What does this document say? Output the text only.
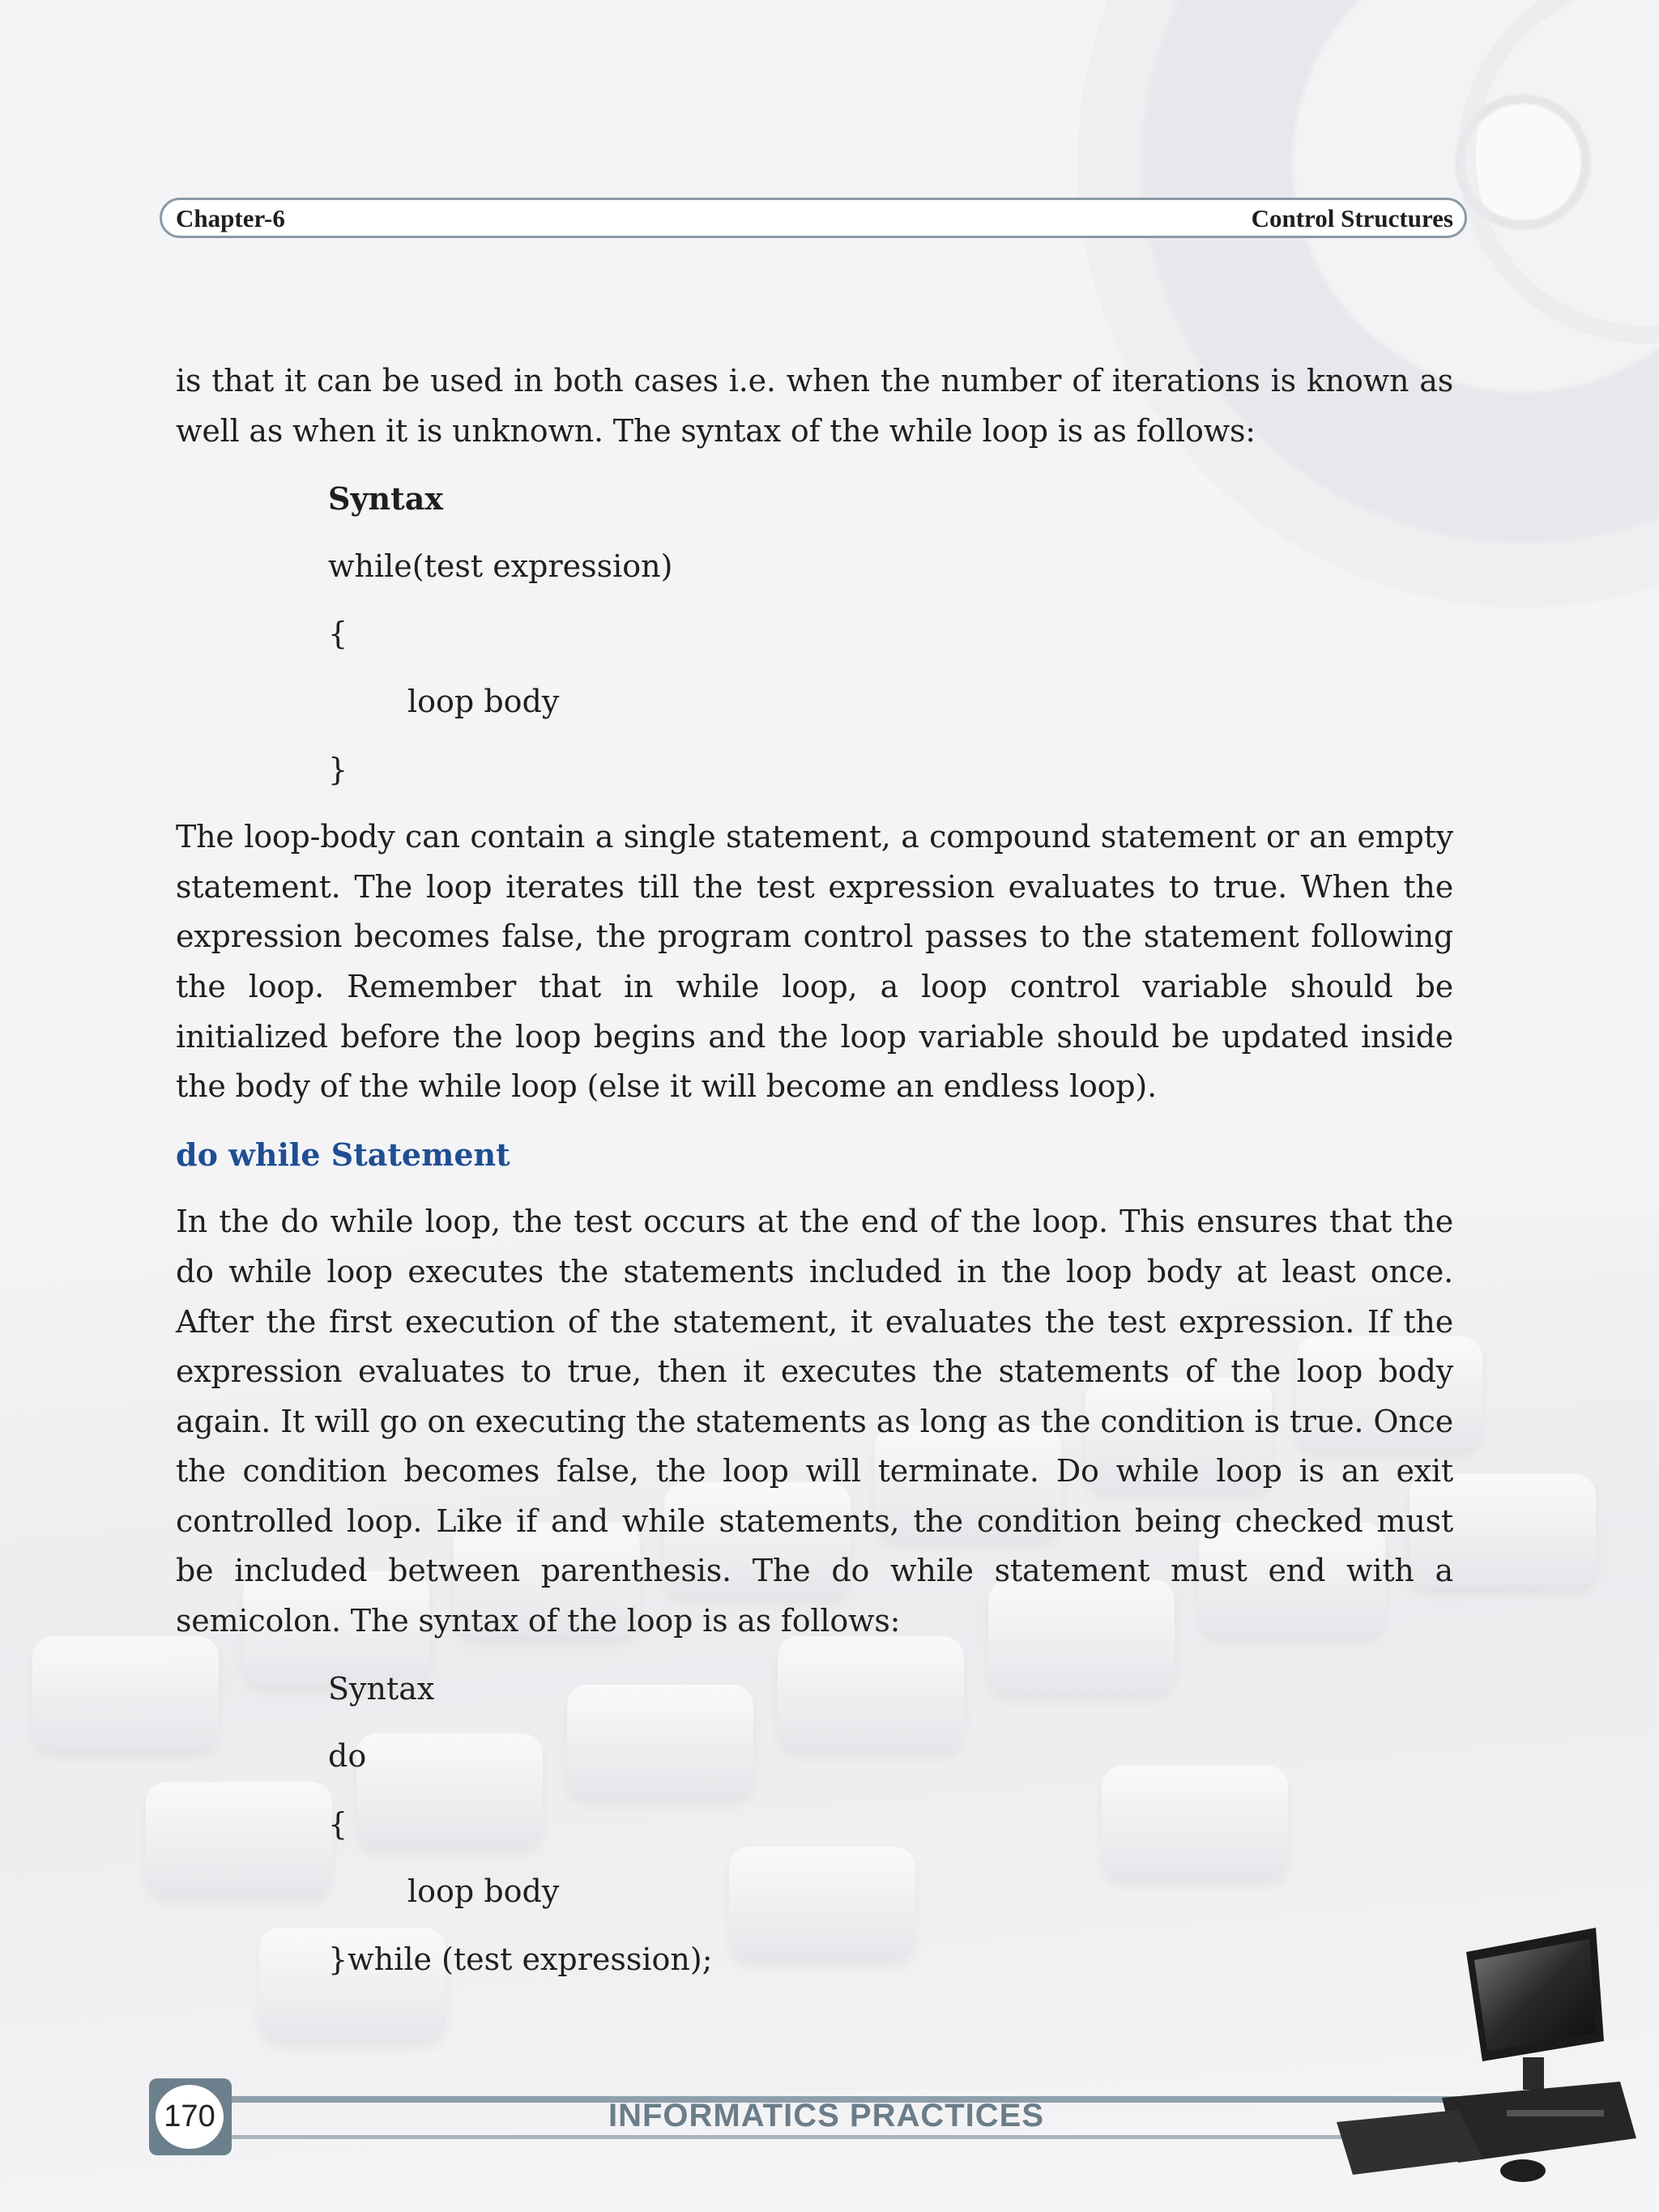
Chapter-6	Control Structures

is that it can be used in both cases i.e. when the number of iterations is known as well as when it is unknown. The syntax of the while loop is as follows:

Syntax

while(test expression)

{

loop body

}

The loop-body can contain a single statement, a compound statement or an empty statement. The loop iterates till the test expression evaluates to true. When the expression becomes false, the program control passes to the statement following the loop. Remember that in while loop, a loop control variable should be initialized before the loop begins and the loop variable should be updated inside the body of the while loop (else it will become an endless loop).

do while Statement

In the do while loop, the test occurs at the end of the loop. This ensures that the do while loop executes the statements included in the loop body at least once. After the first execution of the statement, it evaluates the test expression. If the expression evaluates to true, then it executes the statements of the loop body again. It will go on executing the statements as long as the condition is true. Once the condition becomes false, the loop will terminate. Do while loop is an exit controlled loop. Like if and while statements, the condition being checked must be included between parenthesis. The do while statement must end with a semicolon. The syntax of the loop is as follows:

Syntax

do

{

loop body

}while (test expression);

170	INFORMATICS PRACTICES
